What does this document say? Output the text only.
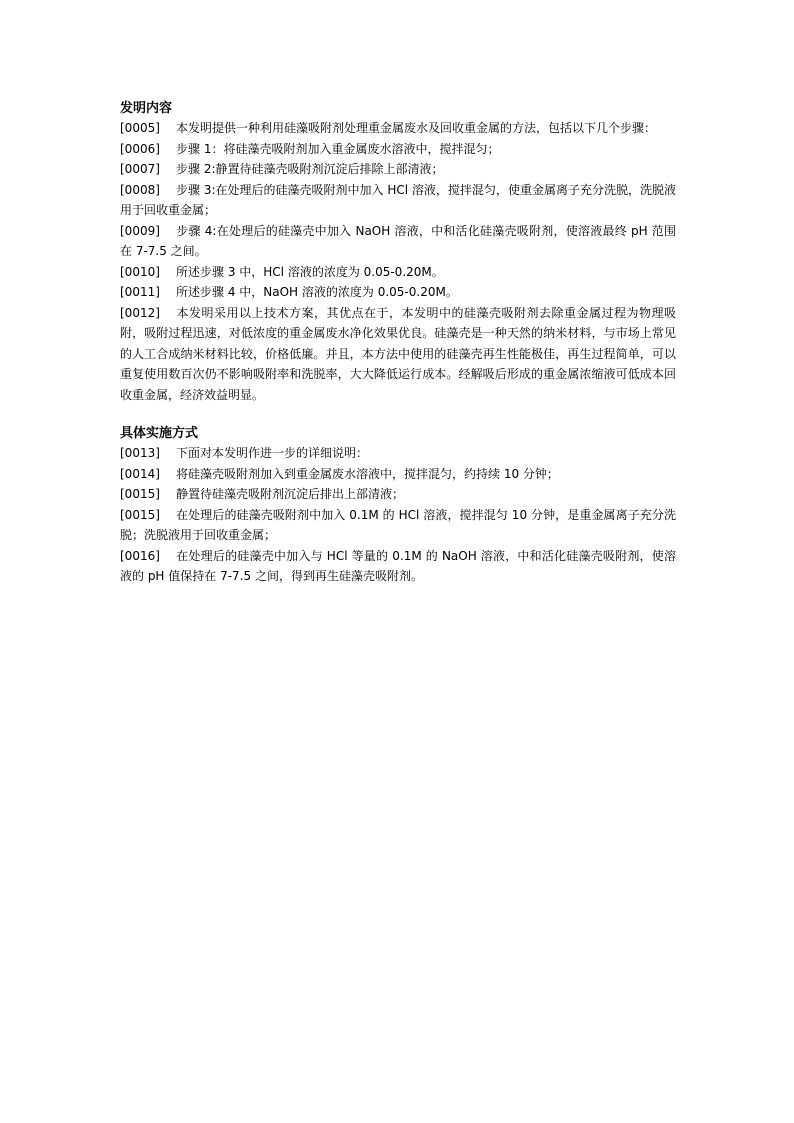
发明内容

[0005] 本发明提供一种利用硅藻吸附剂处理重金属废水及回收重金属的方法，包括以下几个步骤：

[0006] 步骤 1：将硅藻壳吸附剂加入重金属废水溶液中，搅拌混匀；

[0007] 步骤 2:静置待硅藻壳吸附剂沉淀后排除上部清液；

[0008] 步骤 3:在处理后的硅藻壳吸附剂中加入 HCl 溶液，搅拌混匀，使重金属离子充分洗脱，洗脱液用于回收重金属；

[0009] 步骤 4:在处理后的硅藻壳中加入 NaOH 溶液，中和活化硅藻壳吸附剂，使溶液最终 pH 范围在 7-7.5 之间。

[0010] 所述步骤 3 中，HCl 溶液的浓度为 0.05-0.20M。

[0011] 所述步骤 4 中，NaOH 溶液的浓度为 0.05-0.20M。

[0012] 本发明采用以上技术方案，其优点在于，本发明中的硅藻壳吸附剂去除重金属过程为物理吸附，吸附过程迅速，对低浓度的重金属废水净化效果优良。硅藻壳是一种天然的纳米材料，与市场上常见的人工合成纳米材料比较，价格低廉。并且，本方法中使用的硅藻壳再生性能极佳，再生过程简单，可以重复使用数百次仍不影响吸附率和洗脱率，大大降低运行成本。经解吸后形成的重金属浓缩液可低成本回收重金属，经济效益明显。

具体实施方式

[0013] 下面对本发明作进一步的详细说明：

[0014] 将硅藻壳吸附剂加入到重金属废水溶液中，搅拌混匀，约持续 10 分钟；

[0015] 静置待硅藻壳吸附剂沉淀后排出上部清液；

[0015] 在处理后的硅藻壳吸附剂中加入 0.1M 的 HCl 溶液，搅拌混匀 10 分钟，是重金属离子充分洗脱；洗脱液用于回收重金属；

[0016] 在处理后的硅藻壳中加入与 HCl 等量的 0.1M 的 NaOH 溶液，中和活化硅藻壳吸附剂，使溶液的 pH 值保持在 7-7.5 之间，得到再生硅藻壳吸附剂。
